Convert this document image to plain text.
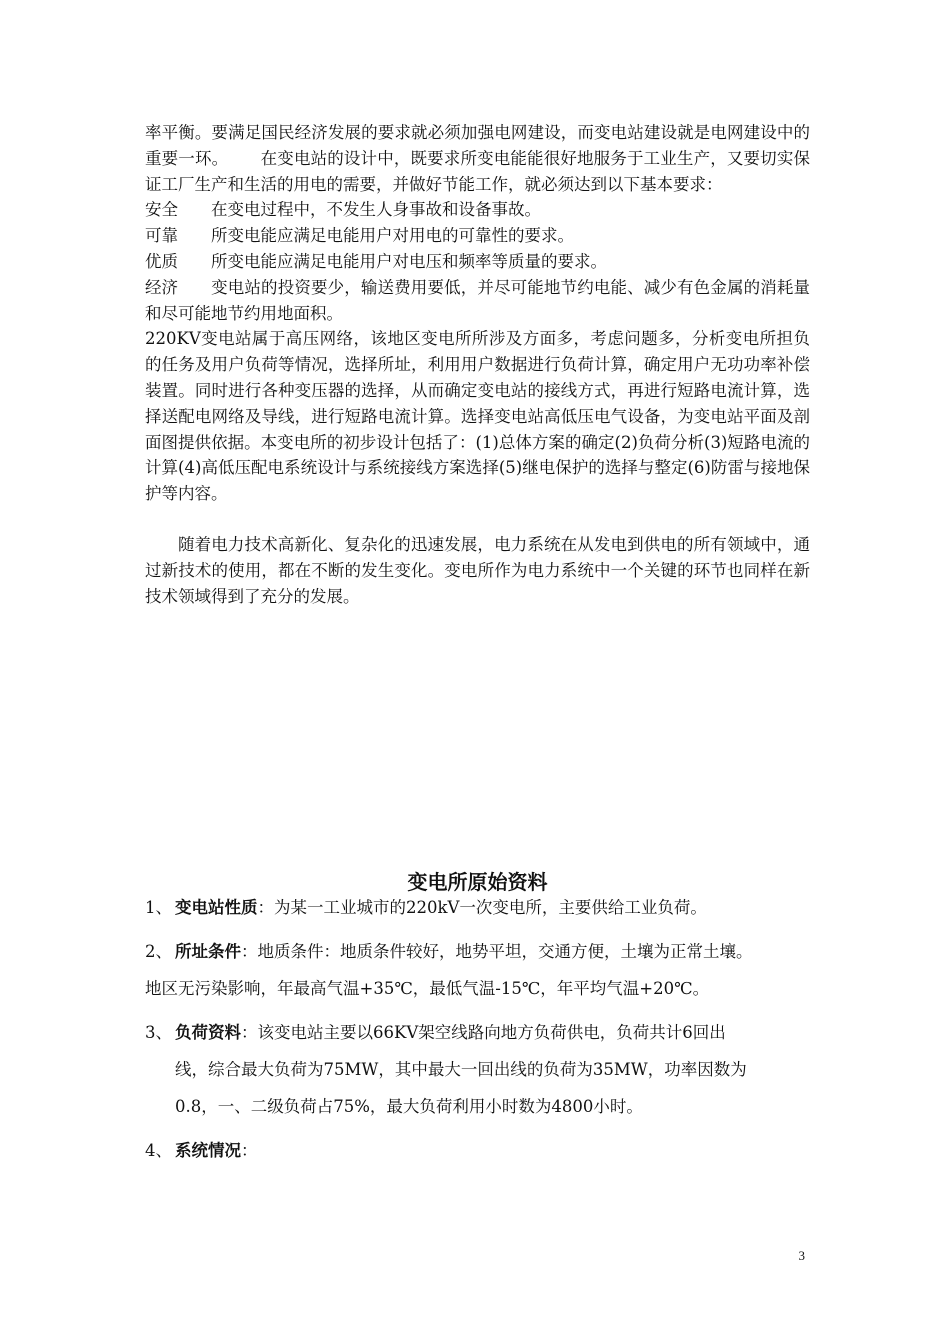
率平衡。要满足国民经济发展的要求就必须加强电网建设，而变电站建设就是电网建设中的重要一环。      在变电站的设计中，既要求所变电能能很好地服务于工业生产，又要切实保证工厂生产和生活的用电的需要，并做好节能工作，就必须达到以下基本要求：

安全	在变电过程中，不发生人身事故和设备事故。
可靠	所变电能应满足电能用户对用电的可靠性的要求。
优质	所变电能应满足电能用户对电压和频率等质量的要求。

经济 变电站的投资要少，输送费用要低，并尽可能地节约电能、减少有色金属的消耗量和尽可能地节约用地面积。

220KV变电站属于高压网络，该地区变电所所涉及方面多，考虑问题多，分析变电所担负的任务及用户负荷等情况，选择所址，利用用户数据进行负荷计算，确定用户无功功率补偿装置。同时进行各种变压器的选择，从而确定变电站的接线方式，再进行短路电流计算，选择送配电网络及导线，进行短路电流计算。选择变电站高低压电气设备，为变电站平面及剖面图提供依据。本变电所的初步设计包括了：(1)总体方案的确定(2)负荷分析(3)短路电流的计算(4)高低压配电系统设计与系统接线方案选择(5)继电保护的选择与整定(6)防雷与接地保护等内容。

随着电力技术高新化、复杂化的迅速发展，电力系统在从发电到供电的所有领域中，通过新技术的使用，都在不断的发生变化。变电所作为电力系统中一个关键的环节也同样在新技术领域得到了充分的发展。

变电所原始资料
1、 变电站性质：为某一工业城市的220kV一次变电所，主要供给工业负荷。
2、 所址条件：地质条件：地质条件较好，地势平坦，交通方便，土壤为正常土壤。
地区无污染影响，年最高气温+35℃，最低气温-15℃，年平均气温+20℃。
3、 负荷资料：该变电站主要以66KV架空线路向地方负荷供电，负荷共计6回出
线，综合最大负荷为75MW，其中最大一回出线的负荷为35MW，功率因数为
0.8，一、二级负荷占75%，最大负荷利用小时数为4800小时。
4、 系统情况：
3
